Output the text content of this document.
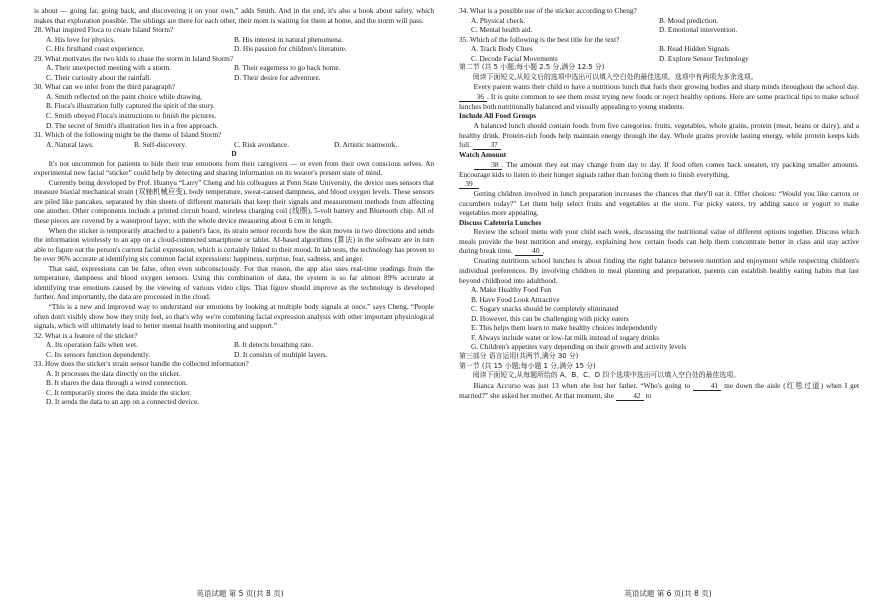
is about — going far, going back, and discovering it on your own,” adds Smith. And in the end, it's also a book about safety, which makes that exploration possible. The siblings are there for each other, their mom is waiting for them at home, and the storm will pass.

28. What inspired Floca to create Island Storm?
A. His love for physics.	B. His interest in natural phenomena.
C. His firsthand coast experience.	D. His passion for children's literature.
29. What motivates the two kids to chase the storm in Island Storm?
A. Their unexpected meeting with a storm.	B. Their eagerness to go back home.
C. Their curiosity about the rainfall.	D. Their desire for adventure.
30. What can we infer from the third paragraph?
A. Smith reflected on the paint choice while drawing.
B. Floca's illustration fully captured the spirit of the story.
C. Smith obeyed Floca's instructions to finish the pictures.
D. The secret of Smith's illustration lies in a free approach.
31. Which of the following might be the theme of Island Storm?
A. Natural laws.	B. Self-discovery.	C. Risk avoidance.	D. Artistic teamwork.
D

It's not uncommon for patients to hide their true emotions from their caregivers — or even from their own conscious selves. An experimental new facial “sticker” could help by detecting and sharing information on its wearer's present state of mind.

Currently being developed by Prof. Huanyu “Larry” Cheng and his colleagues at Penn State University, the device uses sensors that measure biaxial mechanical strain (双轴机械应变), body temperature, sweat-caused dampness, and blood oxygen levels. These sensors are piled like pancakes, separated by thin sheets of different materials that keep their signals and measurement methods from affecting one another. Other components include a printed circuit board, wireless charging coil (线圈), 5-volt battery and Bluetooth chip. All of these pieces are covered by a waterproof layer, with the whole device measuring about 6 cm in length.

When the sticker is temporarily attached to a patient's face, its strain sensor records how the skin moves in two directions and sends the information wirelessly to an app on a cloud-connected smartphone or tablet. AI-based algorithms (算法) in the software are in turn able to figure out the person's current facial expression, which is certainly linked to their mood. In lab tests, the technology has proven to be over 96% accurate at identifying six common facial expressions: happiness, surprise, fear, sadness, and anger.

That said, expressions can be false, often even subconsciously. For that reason, the app also uses real-time readings from the temperature, dampness and blood oxygen sensors. Using this combination of data, the system is so far almost 89% accurate at identifying true emotions caused by the viewing of various video clips. That figure should improve as the technology is developed further. And importantly, the data are processed in the cloud.

“This is a new and improved way to understand our emotions by looking at multiple body signals at once,” says Cheng. “People often don't visibly show how they truly feel, so that's why we're combining facial expression analysis with other important physiological signals, which will ultimately lead to better mental health monitoring and support.”

32. What is a feature of the sticker?
A. Its operation fails when wet.	B. It detects breathing rate.
C. Its sensors function dependently.	D. It consists of multiple layers.
33. How does the sticker's strain sensor handle the collected information?
A. It processes the data directly on the sticker.
B. It shares the data through a wired connection.
C. It temporarily stores the data inside the sticker.
D. It sends the data to an app on a connected device.
34. What is a possible use of the sticker according to Cheng?
A. Physical check.	B. Mood prediction.
C. Mental health aid.	D. Emotional intervention.
35. Which of the following is the best title for the text?
A. Track Body Clues	B. Read Hidden Signals
C. Decode Facial Movements	D. Explore Sensor Technology
第二节 (共 5 小题;每小题 2.5 分,满分 12.5 分)

阅读下面短文,从短文后的选项中选出可以填入空白处的最佳选项。选项中有两项为多余选项。

Every parent wants their child to have a nutritious lunch that fuels their growing bodies and sharp minds throughout the school day. 36 . It is quite common to see them resist trying new foods or reject healthy options. Here are some practical tips to make school lunches both nutritionally balanced and visually appealing to young students.

Include All Food Groups

A balanced lunch should contain foods from five categories: fruits, vegetables, whole grains, protein (meat, beans or dairy), and a healthy drink. Protein-rich foods help maintain energy through the day. Whole grains provide lasting energy, while protein keeps kids full.	37

Watch Amount

38 . The amount they eat may change from day to day. If food often comes back uneaten, try packing smaller amounts. Encourage kids to listen to their hunger signals rather than forcing them to finish everything.

39

Getting children involved in lunch preparation increases the chances that they'll eat it. Offer choices: “Would you like carrots or cucumbers today?” Let them help select fruits and vegetables at the store. For picky eaters, try adding sauce or yogurt to make vegetables more appealing.

Discuss Cafeteria Lunches

Review the school menu with your child each week, discussing the nutritional value of different options together. Discuss which meals provide the best nutrition and energy, explaining how certain foods can help them concentrate better in class and stay active during break time.	40 .

Creating nutritious school lunches is about finding the right balance between nutrition and enjoyment while respecting children's individual preferences. By involving children in meal planning and preparation, parents can establish healthy eating habits that last beyond childhood into adulthood.

A. Make Healthy Food Fun
B. Have Food Look Attractive
C. Sugary snacks should be completely eliminated
D. However, this can be challenging with picky eaters
E. This helps them learn to make healthy choices independently
F. Always include water or low-fat milk instead of sugary drinks
G. Children's appetites vary depending on their growth and activity levels
第三部分 语言运用(共两节,满分 30 分)
第一节 (共 15 小题;每小题 1 分,满分 15 分)

阅读下面短文,从每题所给的 A、B、C、D 四个选项中选出可以填入空白处的最佳选项。

Bianca Accurso was just 13 when she lost her father. “Who's going to	41 me down the aisle (红毯过道) when I get married?” she asked her mother. At that moment, she	42 to

英语试题 第 5 页(共 8 页)	英语试题 第 6 页(共 8 页)
